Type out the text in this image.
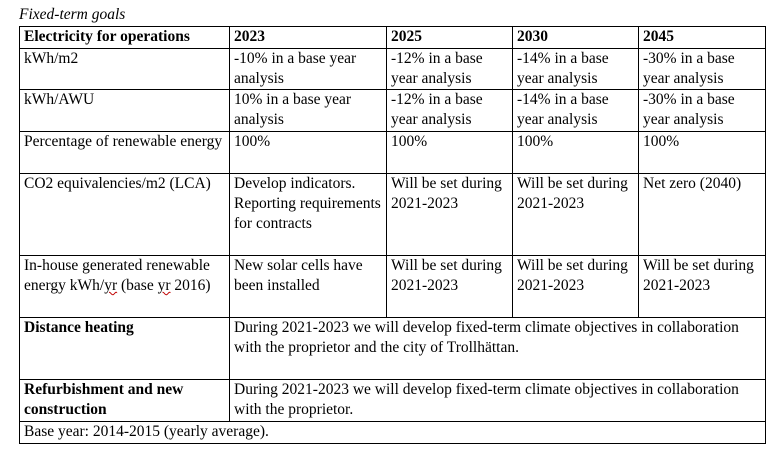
Fixed-term goals
Electricity for operations	2023	2025	2030	2045
kWh/m2	-10% in a base year analysis	-12% in a base year analysis	-14% in a base year analysis	-30% in a base year analysis
kWh/AWU	10% in a base year analysis	-12% in a base year analysis	-14% in a base year analysis	-30% in a base year analysis
Percentage of renewable energy	100%	100%	100%	100%
CO2 equivalencies/m2 (LCA)	Develop indicators. Reporting requirements for contracts	Will be set during 2021-2023	Will be set during 2021-2023	Net zero (2040)
In-house generated renewable energy kWh/yr (base yr 2016)	New solar cells have been installed	Will be set during 2021-2023	Will be set during 2021-2023	Will be set during 2021-2023
Distance heating	During 2021-2023 we will develop fixed-term climate objectives in collaboration with the proprietor and the city of Trollhättan.			
Refurbishment and new construction	During 2021-2023 we will develop fixed-term climate objectives in collaboration with the proprietor.			
Base year: 2014-2015 (yearly average).				
